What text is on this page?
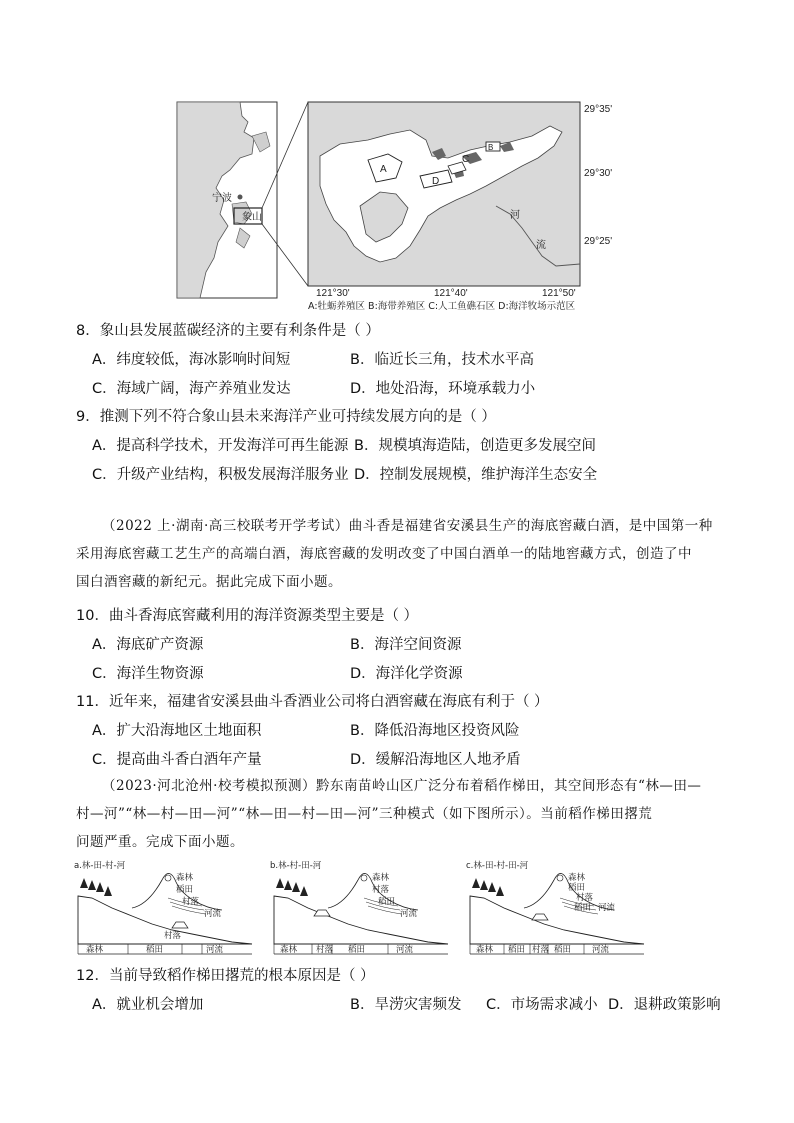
宁波
象山
A
B
C
D
河
流
29°35'
29°30'
29°25'
121°30'	121°40'	121°50'
A:牡蛎养殖区 B:海带养殖区 C:人工鱼礁石区 D:海洋牧场示范区
8．象山县发展蓝碳经济的主要有利条件是（ ）
A．纬度较低，海冰影响时间短	B．临近长三角，技术水平高
C．海域广阔，海产养殖业发达	D．地处沿海，环境承载力小
9．推测下列不符合象山县未来海洋产业可持续发展方向的是（ ）
A．提高科学技术，开发海洋可再生能源 B．规模填海造陆，创造更多发展空间
C．升级产业结构，积极发展海洋服务业 D．控制发展规模，维护海洋生态安全
（2022 上·湖南·高三校联考开学考试）曲斗香是福建省安溪县生产的海底窖藏白酒，是中国第一种
采用海底窖藏工艺生产的高端白酒，海底窖藏的发明改变了中国白酒单一的陆地窖藏方式，创造了中
国白酒窖藏的新纪元。据此完成下面小题。
10．曲斗香海底窖藏利用的海洋资源类型主要是（ ）
A．海底矿产资源	B．海洋空间资源
C．海洋生物资源	D．海洋化学资源
11．近年来，福建省安溪县曲斗香酒业公司将白酒窖藏在海底有利于（ ）
A．扩大沿海地区土地面积	B．降低沿海地区投资风险
C．提高曲斗香白酒年产量	D．缓解沿海地区人地矛盾
（2023·河北沧州·校考模拟预测）黔东南苗岭山区广泛分布着稻作梯田，其空间形态有“林—田—
村—河”“林—村—田—河”“林—田—村—田—河”三种模式（如下图所示）。当前稻作梯田撂荒
问题严重。完成下面小题。
a.林-田-村-河
森林
稻田
村落
河流
森林	稻田
村落
河流
b.林-村-田-河
森林
村落
稻田
河流
森林 村落 稻田	河流
c.林-田-村-田-河
森林
稻田
村落
稻田 河流
森林 稻田 村落 稻田 河流
12．当前导致稻作梯田撂荒的根本原因是（ ）
A．就业机会增加	B．旱涝灾害频发 C．市场需求减小 D．退耕政策影响
